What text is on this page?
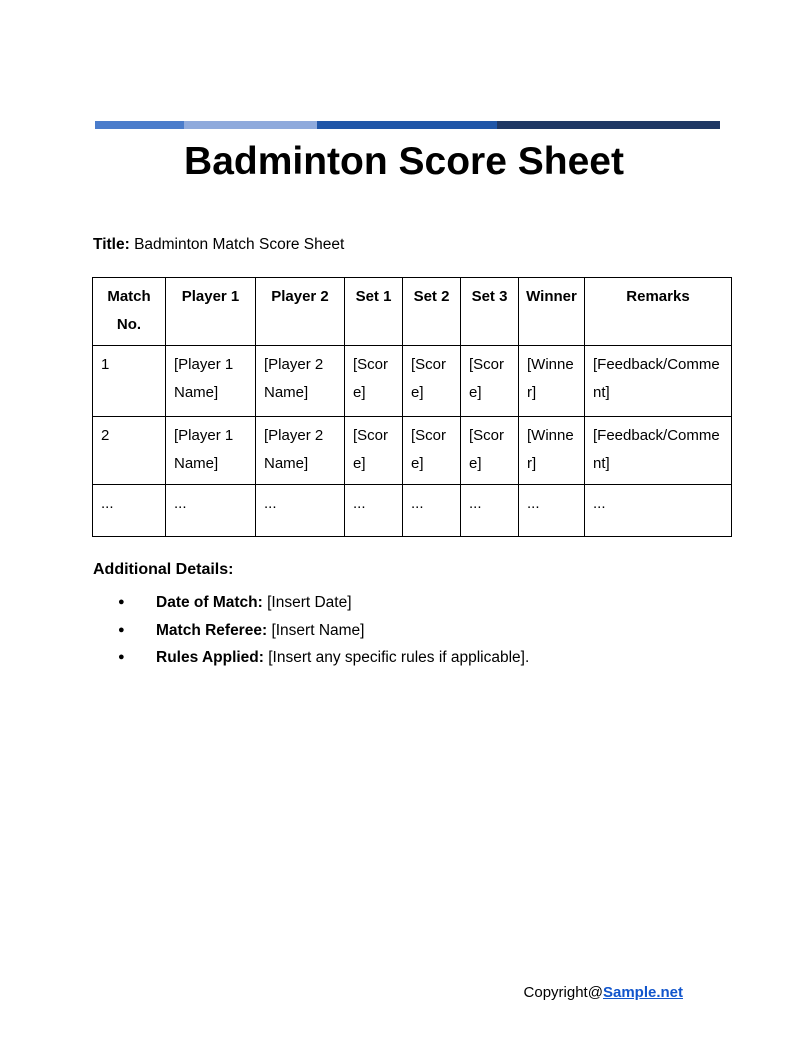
Badminton Score Sheet

Title: Badminton Match Score Sheet

Match No.	Player 1	Player 2	Set 1	Set 2	Set 3	Winner	Remarks
1	[Player 1 Name]	[Player 2 Name]	[Score]	[Score]	[Score]	[Winner]	[Feedback/Comment]
2	[Player 1 Name]	[Player 2 Name]	[Score]	[Score]	[Score]	[Winner]	[Feedback/Comment]
...	...	...	...	...	...	...	...

Additional Details:

● Date of Match: [Insert Date]
● Match Referee: [Insert Name]
● Rules Applied: [Insert any specific rules if applicable].
Copyright@Sample.net
